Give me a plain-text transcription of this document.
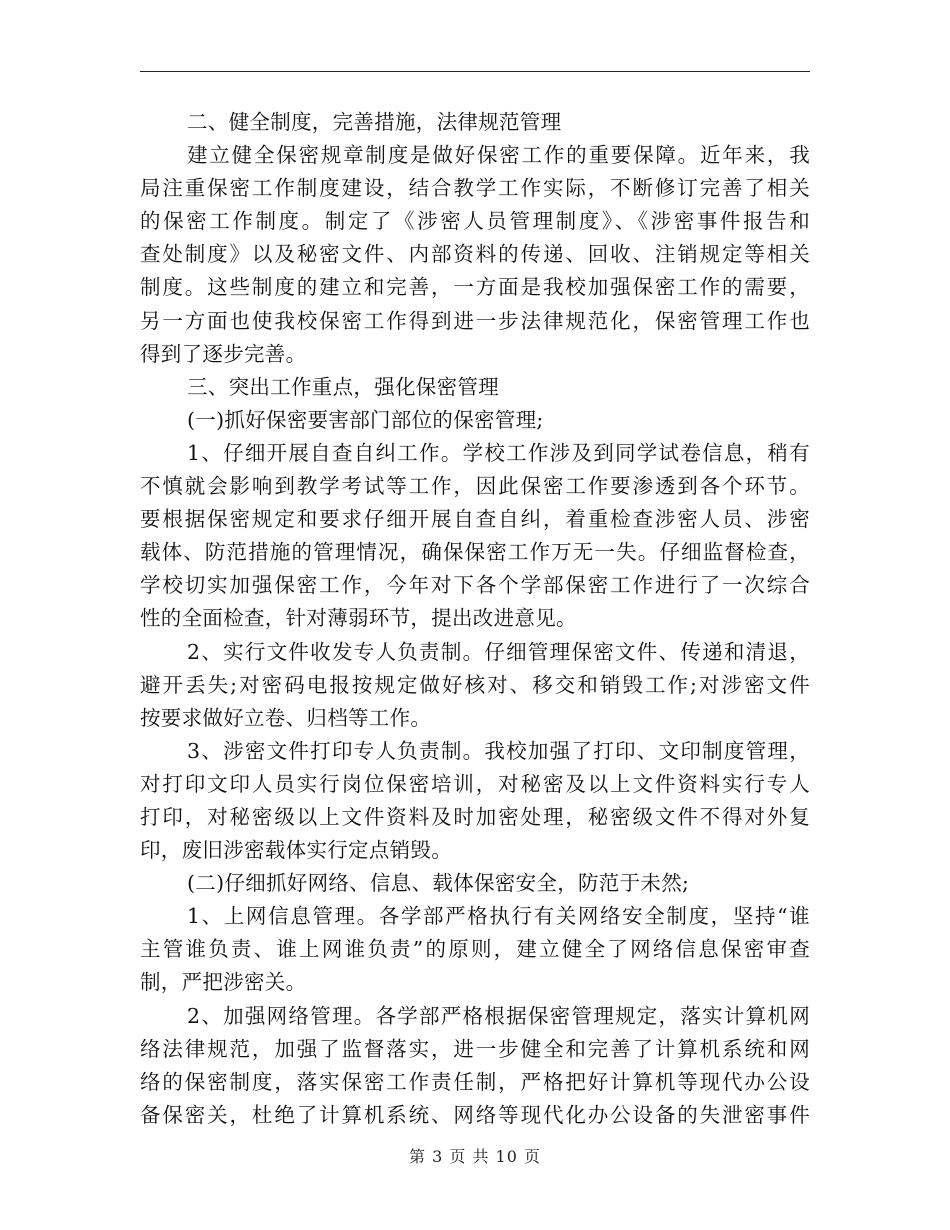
二、健全制度，完善措施，法律规范管理
建立健全保密规章制度是做好保密工作的重要保障。近年来，我
局注重保密工作制度建设，结合教学工作实际，不断修订完善了相关
的保密工作制度。制定了《涉密人员管理制度》、《涉密事件报告和
查处制度》以及秘密文件、内部资料的传递、回收、注销规定等相关
制度。这些制度的建立和完善，一方面是我校加强保密工作的需要，
另一方面也使我校保密工作得到进一步法律规范化，保密管理工作也
得到了逐步完善。
三、突出工作重点，强化保密管理
(一)抓好保密要害部门部位的保密管理;
1、仔细开展自查自纠工作。学校工作涉及到同学试卷信息，稍有
不慎就会影响到教学考试等工作，因此保密工作要渗透到各个环节。
要根据保密规定和要求仔细开展自查自纠，着重检查涉密人员、涉密
载体、防范措施的管理情况，确保保密工作万无一失。仔细监督检查，
学校切实加强保密工作，今年对下各个学部保密工作进行了一次综合
性的全面检查，针对薄弱环节，提出改进意见。
2、实行文件收发专人负责制。仔细管理保密文件、传递和清退，
避开丢失;对密码电报按规定做好核对、移交和销毁工作;对涉密文件
按要求做好立卷、归档等工作。
3、涉密文件打印专人负责制。我校加强了打印、文印制度管理，
对打印文印人员实行岗位保密培训，对秘密及以上文件资料实行专人
打印，对秘密级以上文件资料及时加密处理，秘密级文件不得对外复
印，废旧涉密载体实行定点销毁。
(二)仔细抓好网络、信息、载体保密安全，防范于未然;
1、上网信息管理。各学部严格执行有关网络安全制度，坚持“谁
主管谁负责、谁上网谁负责”的原则，建立健全了网络信息保密审查
制，严把涉密关。
2、加强网络管理。各学部严格根据保密管理规定，落实计算机网
络法律规范，加强了监督落实，进一步健全和完善了计算机系统和网
络的保密制度，落实保密工作责任制，严格把好计算机等现代办公设
备保密关，杜绝了计算机系统、网络等现代化办公设备的失泄密事件
第 3 页 共 10 页
